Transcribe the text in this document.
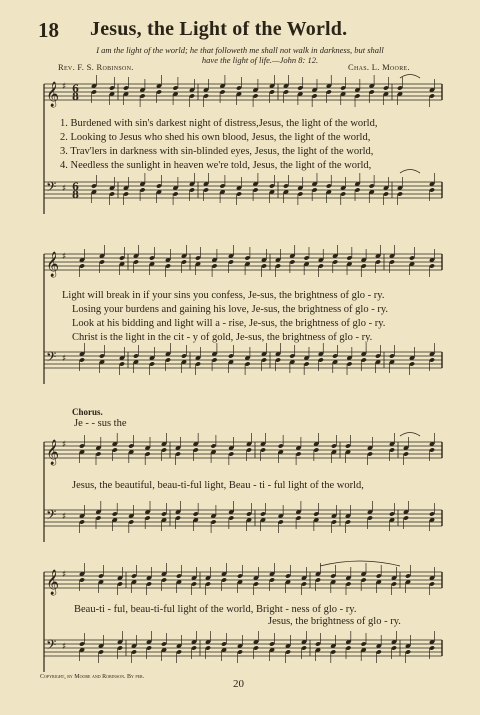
18 Jesus, the Light of the World.
I am the light of the world; he that followeth me shall not walk in darkness, but shall
have the light of life.—John 8: 12.
Rev. F. S. Robinson.	Chas. L. Moore.
1. Burdened with sin's darkest night of distress,Jesus, the light of the world,
2. Looking to Jesus who shed his own blood, Jesus, the light of the world,
3. Trav'lers in darkness with sin-blinded eyes, Jesus, the light of the world,
4. Needless the sunlight in heaven we're told, Jesus, the light of the world,
Light will break in if your sins you confess, Je-sus, the brightness of glo - ry.
Losing your burdens and gaining his love, Je-sus, the brightness of glo - ry.
Look at his bidding and light will a - rise, Je-sus, the brightness of glo - ry.
Christ is the light in the cit - y of gold, Je-sus, the brightness of glo - ry.
Chorus.
Je - - sus the
Jesus, the beautiful, beau-ti-ful light, Beau - ti - ful light of the world,
Beau-ti - ful, beau-ti-ful light of the world, Bright - ness of glo - ry.
Jesus, the brightness of glo - ry.
Copyright, by Moore and Robinson. By per.
20
𝄞 ♯ 6
8
𝄢 ♯ 6
8
𝄞 ♯
𝄢 ♯
𝄞 ♯
𝄢 ♯
𝄞 ♯
𝄢 ♯
